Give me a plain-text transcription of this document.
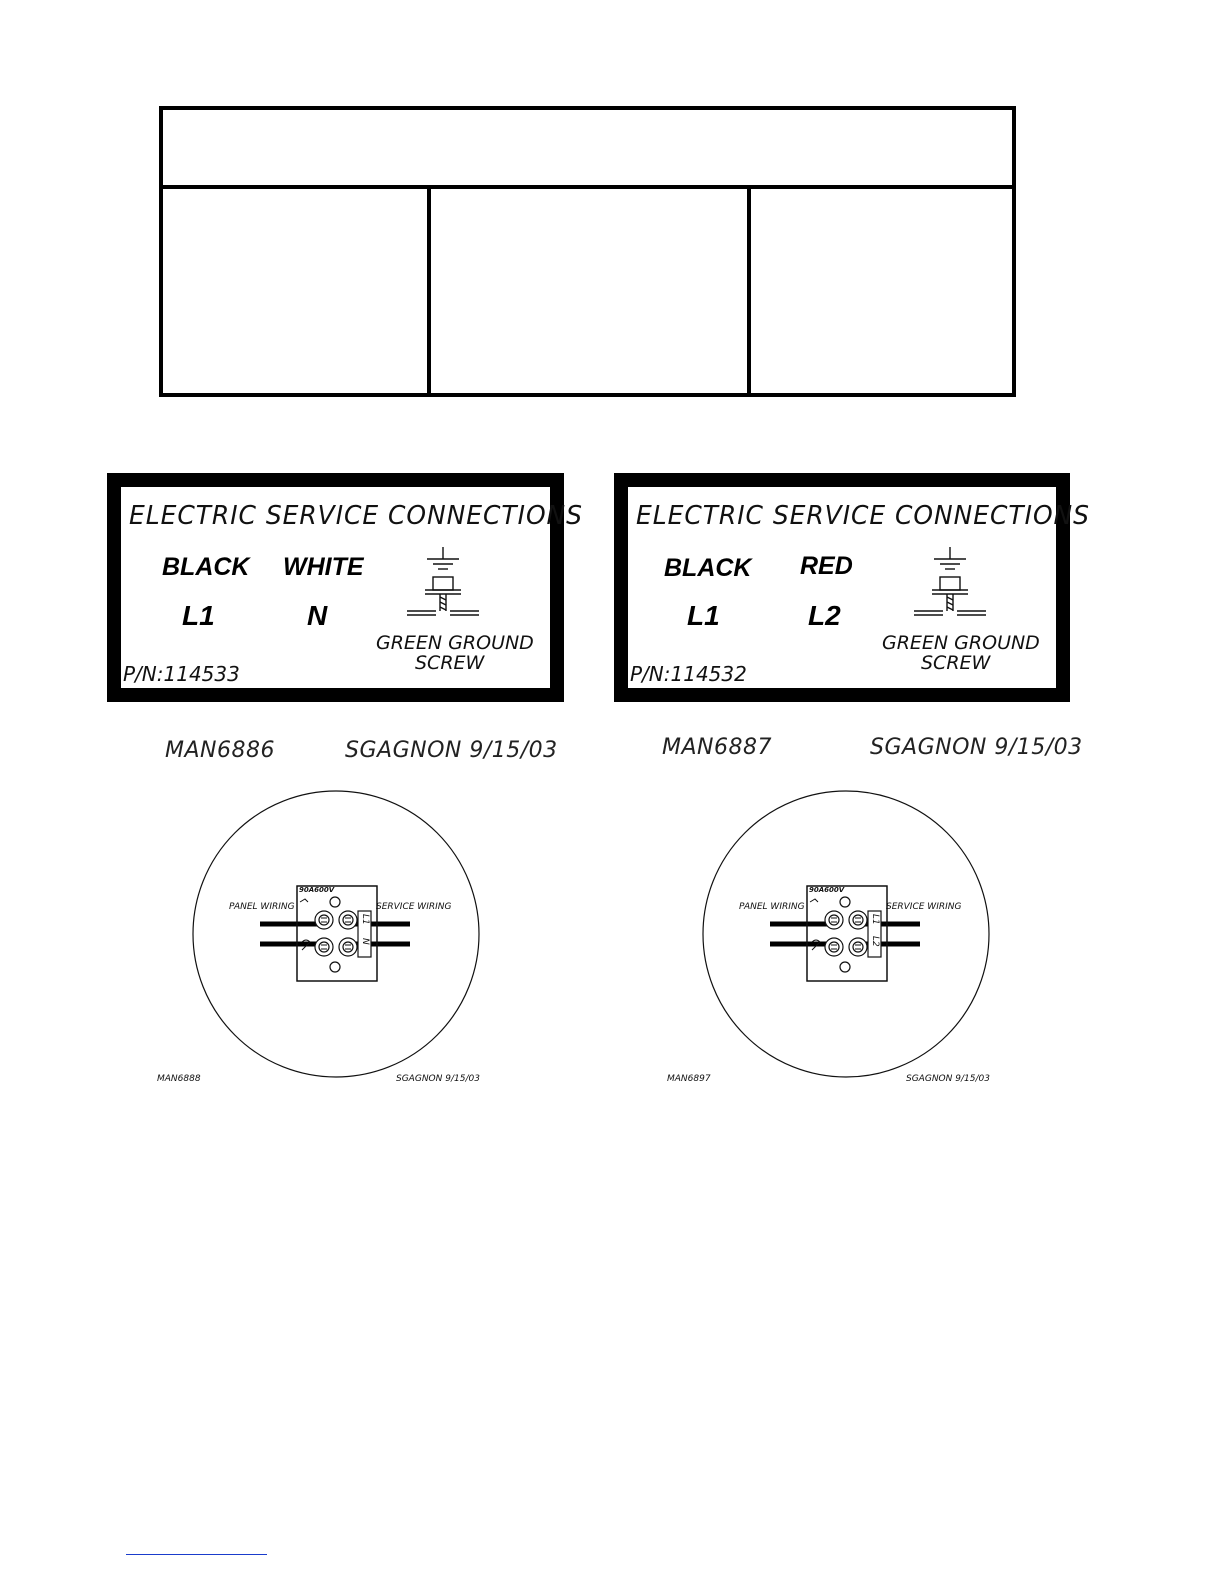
ELECTRIC SERVICE CONNECTIONS
BLACK WHITE
L1	N
GREEN GROUND
SCREW
P/N:114533
ELECTRIC SERVICE CONNECTIONS
BLACK RED
L1	L2
GREEN GROUND
SCREW
P/N:114532
MAN6886	SGAGNON 9/15/03	MAN6887	SGAGNON 9/15/03
PANEL WIRING	SERVICE WIRING
90A600V
L1
N
MAN6888	SGAGNON 9/15/03
PANEL WIRING	SERVICE WIRING
90A600V
L1
L2
MAN6897	SGAGNON 9/15/03
